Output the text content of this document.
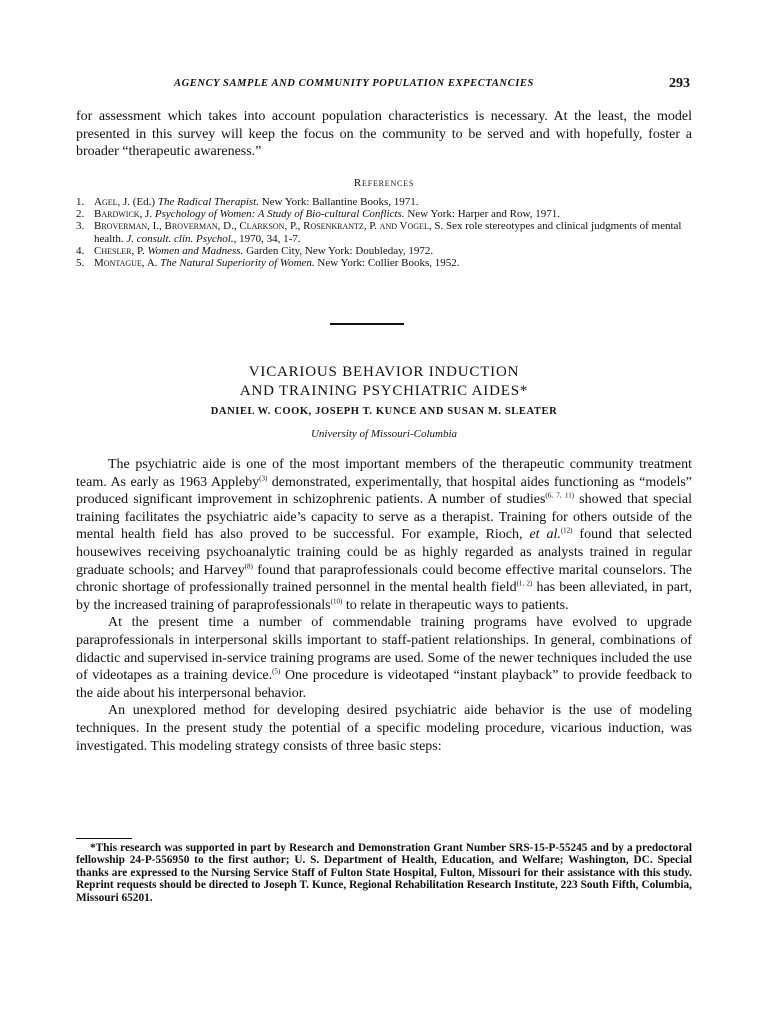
AGENCY SAMPLE AND COMMUNITY POPULATION EXPECTANCIES	293

for assessment which takes into account population characteristics is necessary. At the least, the model presented in this survey will keep the focus on the community to be served and with hopefully, foster a broader “therapeutic awareness.”

References
1. Agel, J. (Ed.) The Radical Therapist. New York: Ballantine Books, 1971.
2. Bardwick, J. Psychology of Women: A Study of Bio-cultural Conflicts. New York: Harper and Row, 1971.
3. Broverman, I., Broverman, D., Clarkson, P., Rosenkrantz, P. and Vogel, S. Sex role stereotypes and clinical judgments of mental health. J. consult. clin. Psychol., 1970, 34, 1-7.
4. Chesler, P. Women and Madness. Garden City, New York: Doubleday, 1972.
5. Montague, A. The Natural Superiority of Women. New York: Collier Books, 1952.
VICARIOUS BEHAVIOR INDUCTION
AND TRAINING PSYCHIATRIC AIDES*
DANIEL W. COOK, JOSEPH T. KUNCE AND SUSAN M. SLEATER
University of Missouri-Columbia

The psychiatric aide is one of the most important members of the therapeutic community treatment team. As early as 1963 Appleby$^{(3)}$ demonstrated, experimentally, that hospital aides functioning as “models” produced significant improvement in schizophrenic patients. A number of studies$^{(6, 7, 11)}$ showed that special training facilitates the psychiatric aide’s capacity to serve as a therapist. Training for others outside of the mental health field has also proved to be successful. For example, Rioch, et al.$^{(12)}$ found that selected housewives receiving psychoanalytic training could be as highly regarded as analysts trained in regular graduate schools; and Harvey$^{(8)}$ found that paraprofessionals could become effective marital counselors. The chronic shortage of professionally trained personnel in the mental health field$^{(1, 2)}$ has been alleviated, in part, by the increased training of paraprofessionals$^{(10)}$ to relate in therapeutic ways to patients.

At the present time a number of commendable training programs have evolved to upgrade paraprofessionals in interpersonal skills important to staff-patient relationships. In general, combinations of didactic and supervised in-service training programs are used. Some of the newer techniques included the use of videotapes as a training device.$^{(5)}$ One procedure is videotaped “instant playback” to provide feedback to the aide about his interpersonal behavior.

An unexplored method for developing desired psychiatric aide behavior is the use of modeling techniques. In the present study the potential of a specific modeling procedure, vicarious induction, was investigated. This modeling strategy consists of three basic steps:

*This research was supported in part by Research and Demonstration Grant Number SRS-15-P-55245 and by a predoctoral fellowship 24-P-556950 to the first author; U. S. Department of Health, Education, and Welfare; Washington, DC. Special thanks are expressed to the Nursing Service Staff of Fulton State Hospital, Fulton, Missouri for their assistance with this study. Reprint requests should be directed to Joseph T. Kunce, Regional Rehabilitation Research Institute, 223 South Fifth, Columbia, Missouri 65201.
